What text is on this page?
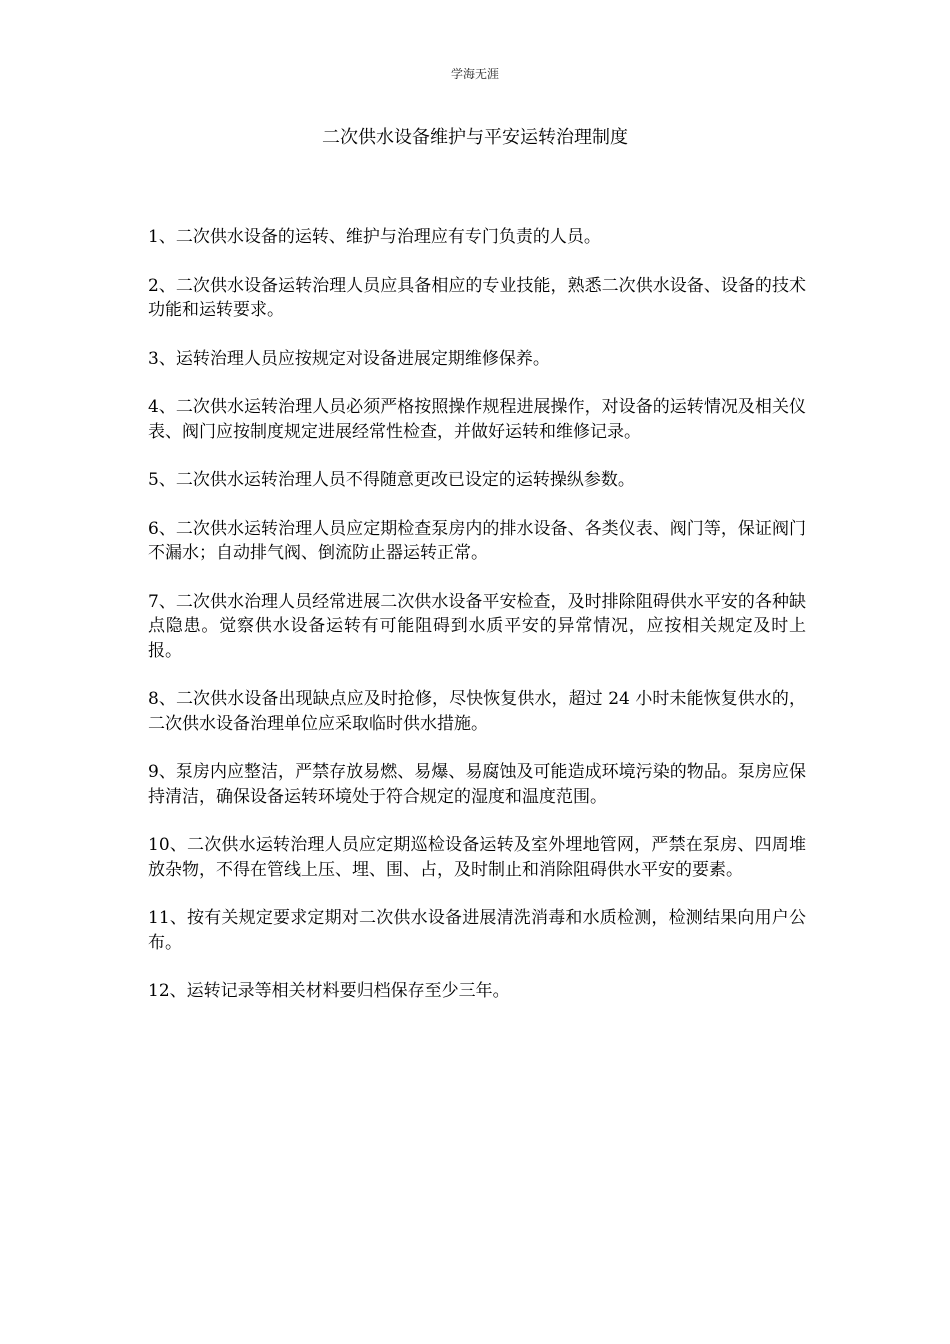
学海无涯
二次供水设备维护与平安运转治理制度
1、二次供水设备的运转、维护与治理应有专门负责的人员。
2、二次供水设备运转治理人员应具备相应的专业技能，熟悉二次供水设备、设备的技术功能和运转要求。
3、运转治理人员应按规定对设备进展定期维修保养。
4、二次供水运转治理人员必须严格按照操作规程进展操作，对设备的运转情况及相关仪表、阀门应按制度规定进展经常性检查，并做好运转和维修记录。
5、二次供水运转治理人员不得随意更改已设定的运转操纵参数。
6、二次供水运转治理人员应定期检查泵房内的排水设备、各类仪表、阀门等，保证阀门不漏水；自动排气阀、倒流防止器运转正常。
7、二次供水治理人员经常进展二次供水设备平安检查，及时排除阻碍供水平安的各种缺点隐患。觉察供水设备运转有可能阻碍到水质平安的异常情况，应按相关规定及时上报。
8、二次供水设备出现缺点应及时抢修，尽快恢复供水，超过 24 小时未能恢复供水的，二次供水设备治理单位应采取临时供水措施。
9、泵房内应整洁，严禁存放易燃、易爆、易腐蚀及可能造成环境污染的物品。泵房应保持清洁，确保设备运转环境处于符合规定的湿度和温度范围。
10、二次供水运转治理人员应定期巡检设备运转及室外埋地管网，严禁在泵房、四周堆放杂物，不得在管线上压、埋、围、占，及时制止和消除阻碍供水平安的要素。
11、按有关规定要求定期对二次供水设备进展清洗消毒和水质检测，检测结果向用户公布。
12、运转记录等相关材料要归档保存至少三年。
